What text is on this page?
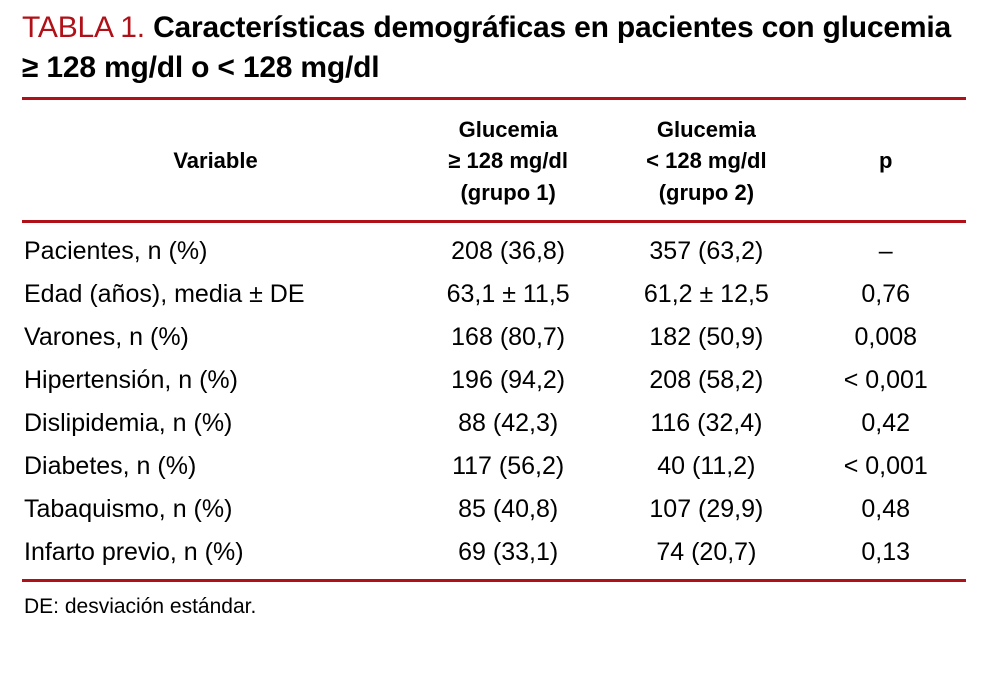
TABLA 1. Características demográficas en pacientes con glucemia ≥ 128 mg/dl o < 128 mg/dl
Variable	Glucemia
≥ 128 mg/dl
(grupo 1)	Glucemia
< 128 mg/dl
(grupo 2)	p

Pacientes, n (%)	208 (36,8)	357 (63,2)	–
Edad (años), media ± DE	63,1 ± 11,5	61,2 ± 12,5	0,76
Varones, n (%)	168 (80,7)	182 (50,9)	0,008
Hipertensión, n (%)	196 (94,2)	208 (58,2)	< 0,001
Dislipidemia, n (%)	88 (42,3)	116 (32,4)	0,42
Diabetes, n (%)	117 (56,2)	40 (11,2)	< 0,001
Tabaquismo, n (%)	85 (40,8)	107 (29,9)	0,48
Infarto previo, n (%)	69 (33,1)	74 (20,7)	0,13
DE: desviación estándar.
